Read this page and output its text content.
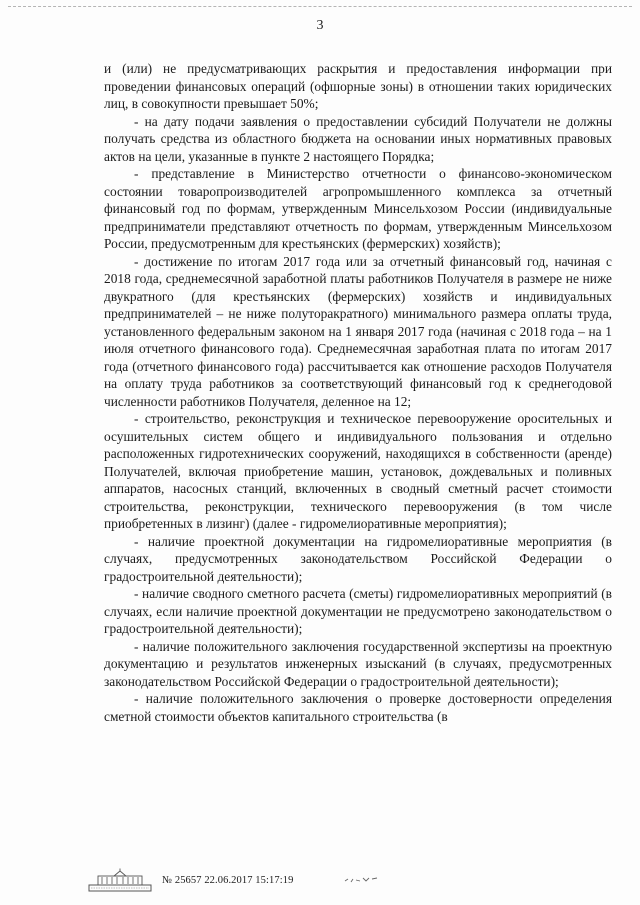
3

и (или) не предусматривающих раскрытия и предоставления информации при проведении финансовых операций (офшорные зоны) в отношении таких юридических лиц, в совокупности превышает 50%;

- на дату подачи заявления о предоставлении субсидий Получатели не должны получать средства из областного бюджета на основании иных нормативных правовых актов на цели, указанные в пункте 2 настоящего Порядка;

- представление в Министерство отчетности о финансово-экономическом состоянии товаропроизводителей агропромышленного комплекса за отчетный финансовый год по формам, утвержденным Минсельхозом России (индивидуальные предприниматели представляют отчетность по формам, утвержденным Минсельхозом России, предусмотренным для крестьянских (фермерских) хозяйств);

- достижение по итогам 2017 года или за отчетный финансовый год, начиная с 2018 года, среднемесячной заработной платы работников Получателя в размере не ниже двукратного (для крестьянских (фермерских) хозяйств и индивидуальных предпринимателей – не ниже полуторакратного) минимального размера оплаты труда, установленного федеральным законом на 1 января 2017 года (начиная с 2018 года – на 1 июля отчетного финансового года). Среднемесячная заработная плата по итогам 2017 года (отчетного финансового года) рассчитывается как отношение расходов Получателя на оплату труда работников за соответствующий финансовый год к среднегодовой численности работников Получателя, деленное на 12;

- строительство, реконструкция и техническое перевооружение оросительных и осушительных систем общего и индивидуального пользования и отдельно расположенных гидротехнических сооружений, находящихся в собственности (аренде) Получателей, включая приобретение машин, установок, дождевальных и поливных аппаратов, насосных станций, включенных в сводный сметный расчет стоимости строительства, реконструкции, технического перевооружения (в том числе приобретенных в лизинг) (далее - гидромелиоративные мероприятия);

- наличие проектной документации на гидромелиоративные мероприятия (в случаях, предусмотренных законодательством Российской Федерации о градостроительной деятельности);

- наличие сводного сметного расчета (сметы) гидромелиоративных мероприятий (в случаях, если наличие проектной документации не предусмотрено законодательством о градостроительной деятельности);

- наличие положительного заключения государственной экспертизы на проектную документацию и результатов инженерных изысканий (в случаях, предусмотренных законодательством Российской Федерации о градостроительной деятельности);

- наличие положительного заключения о проверке достоверности определения сметной стоимости объектов капитального строительства (в

№ 25657 22.06.2017 15:17:19
